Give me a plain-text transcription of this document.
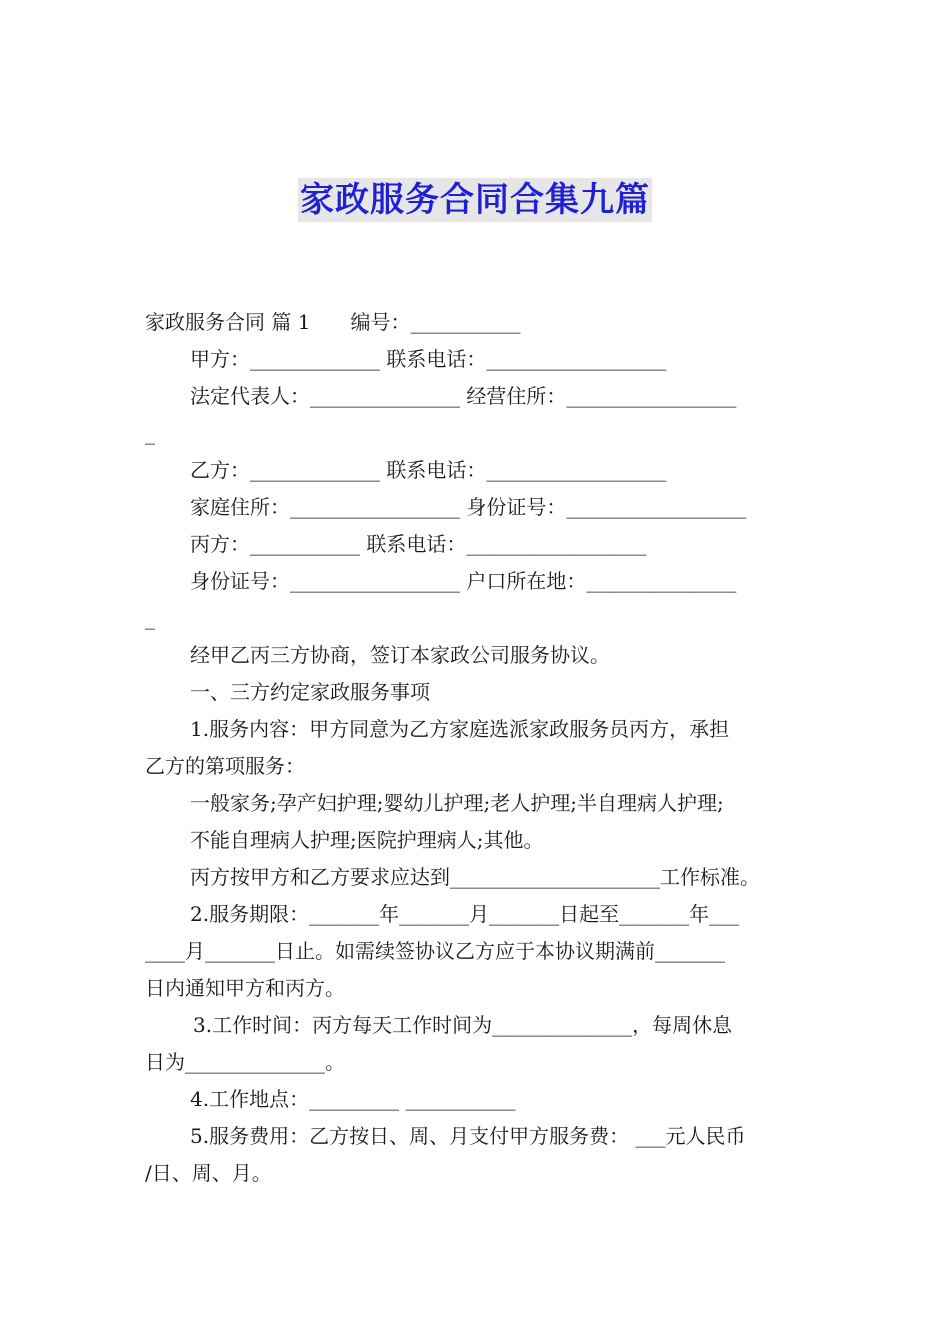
家政服务合同合集九篇
家政服务合同 篇 1　　编号：___________
甲方：_____________ 联系电话：__________________
法定代表人：_______________ 经营住所：_________________
_
乙方：_____________ 联系电话：__________________
家庭住所：_________________ 身份证号：__________________
丙方：___________ 联系电话：__________________
身份证号：_________________ 户口所在地：_______________
_
经甲乙丙三方协商，签订本家政公司服务协议。
一、三方约定家政服务事项
1.服务内容：甲方同意为乙方家庭选派家政服务员丙方，承担
乙方的第项服务：
一般家务;孕产妇护理;婴幼儿护理;老人护理;半自理病人护理;
不能自理病人护理;医院护理病人;其他。
丙方按甲方和乙方要求应达到_____________________工作标准。
2.服务期限：_______年_______月_______日起至_______年___
____月_______日止。如需续签协议乙方应于本协议期满前_______
日内通知甲方和丙方。
3.工作时间：丙方每天工作时间为______________，每周休息
日为______________。
4.工作地点：_________ ___________
5.服务费用：乙方按日、周、月支付甲方服务费： ___元人民币
/日、周、月。
